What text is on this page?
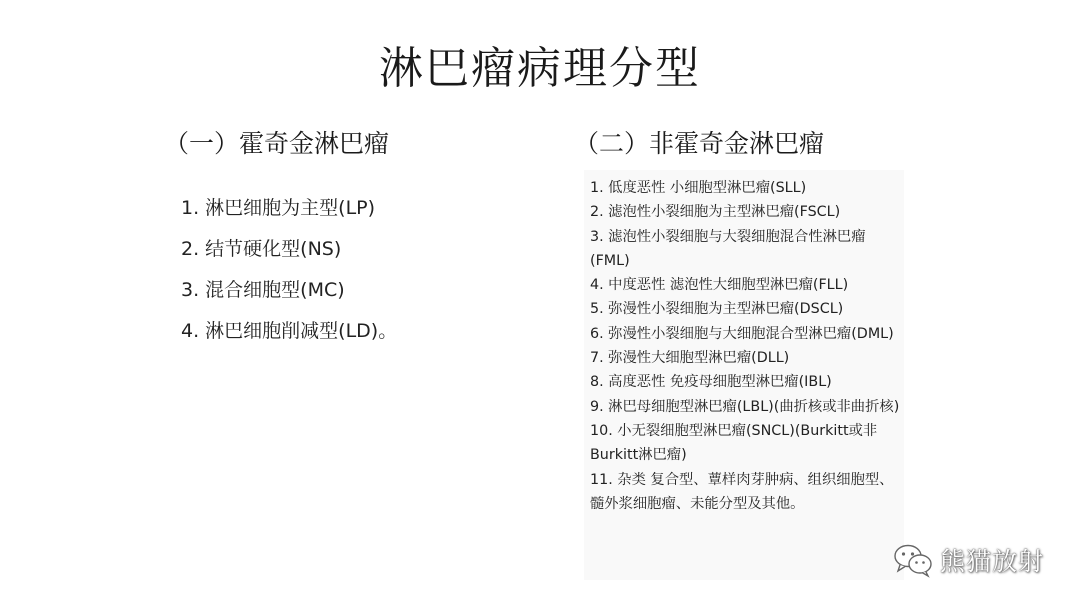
淋巴瘤病理分型
（一）霍奇金淋巴瘤
1. 淋巴细胞为主型(LP)
2. 结节硬化型(NS)
3. 混合细胞型(MC)
4. 淋巴细胞削减型(LD)。
（二）非霍奇金淋巴瘤
1. 低度恶性 小细胞型淋巴瘤(SLL)
2. 滤泡性小裂细胞为主型淋巴瘤(FSCL)
3. 滤泡性小裂细胞与大裂细胞混合性淋巴瘤(FML)
4. 中度恶性 滤泡性大细胞型淋巴瘤(FLL)
5. 弥漫性小裂细胞为主型淋巴瘤(DSCL)
6. 弥漫性小裂细胞与大细胞混合型淋巴瘤(DML)
7. 弥漫性大细胞型淋巴瘤(DLL)
8. 高度恶性 免疫母细胞型淋巴瘤(IBL)
9. 淋巴母细胞型淋巴瘤(LBL)(曲折核或非曲折核)
10. 小无裂细胞型淋巴瘤(SNCL)(Burkitt或非Burkitt淋巴瘤)
11. 杂类 复合型、蕈样肉芽肿病、组织细胞型、髓外浆细胞瘤、未能分型及其他。
熊猫放射
